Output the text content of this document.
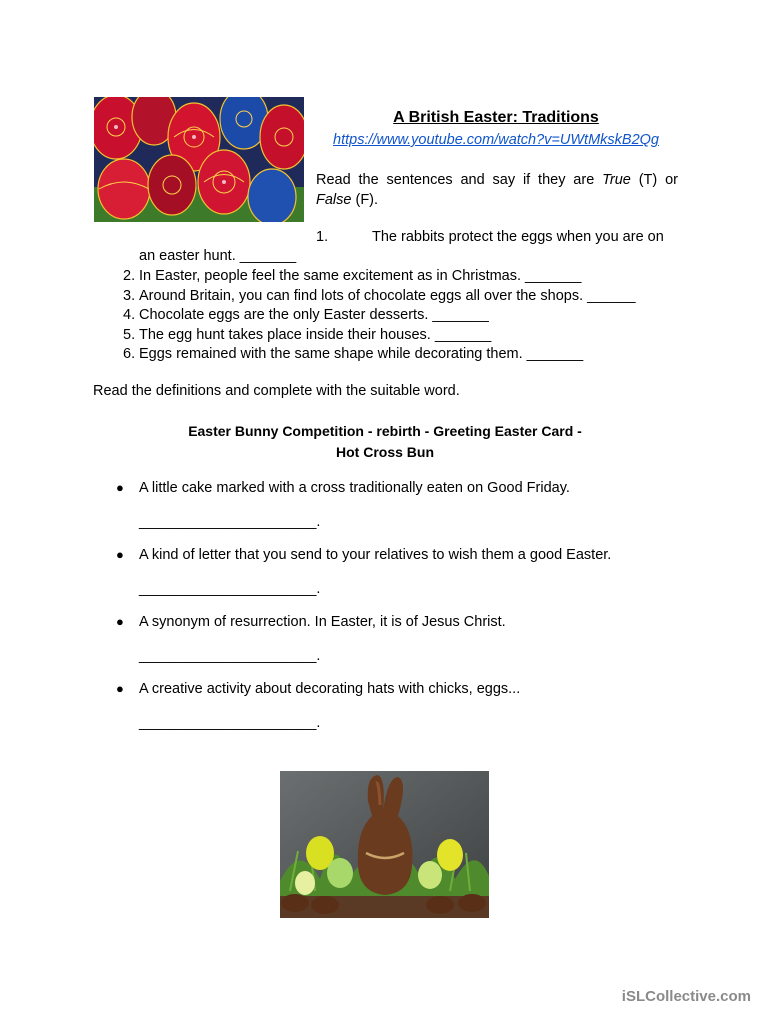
A British Easter: Traditions
https://www.youtube.com/watch?v=UWtMkskB2Qg
Read the sentences and say if they are True (T) or False (F).
1.	The rabbits protect the eggs when you are on
an easter hunt. _______
2. In Easter, people feel the same excitement as in Christmas. _______
3. Around Britain, you can find lots of chocolate eggs all over the shops. ______
4. Chocolate eggs are the only Easter desserts. _______
5. The egg hunt takes place inside their houses. _______
6. Eggs remained with the same shape while decorating them. _______
Read the definitions and complete with the suitable word.
Easter Bunny Competition - rebirth - Greeting Easter Card -
Hot Cross Bun
● A little cake marked with a cross traditionally eaten on Good Friday.
______________________.
● A kind of letter that you send to your relatives to wish them a good Easter.
______________________.
● A synonym of resurrection. In Easter, it is of Jesus Christ.
______________________.
● A creative activity about decorating hats with chicks, eggs...
______________________.
iSLCollective.com
